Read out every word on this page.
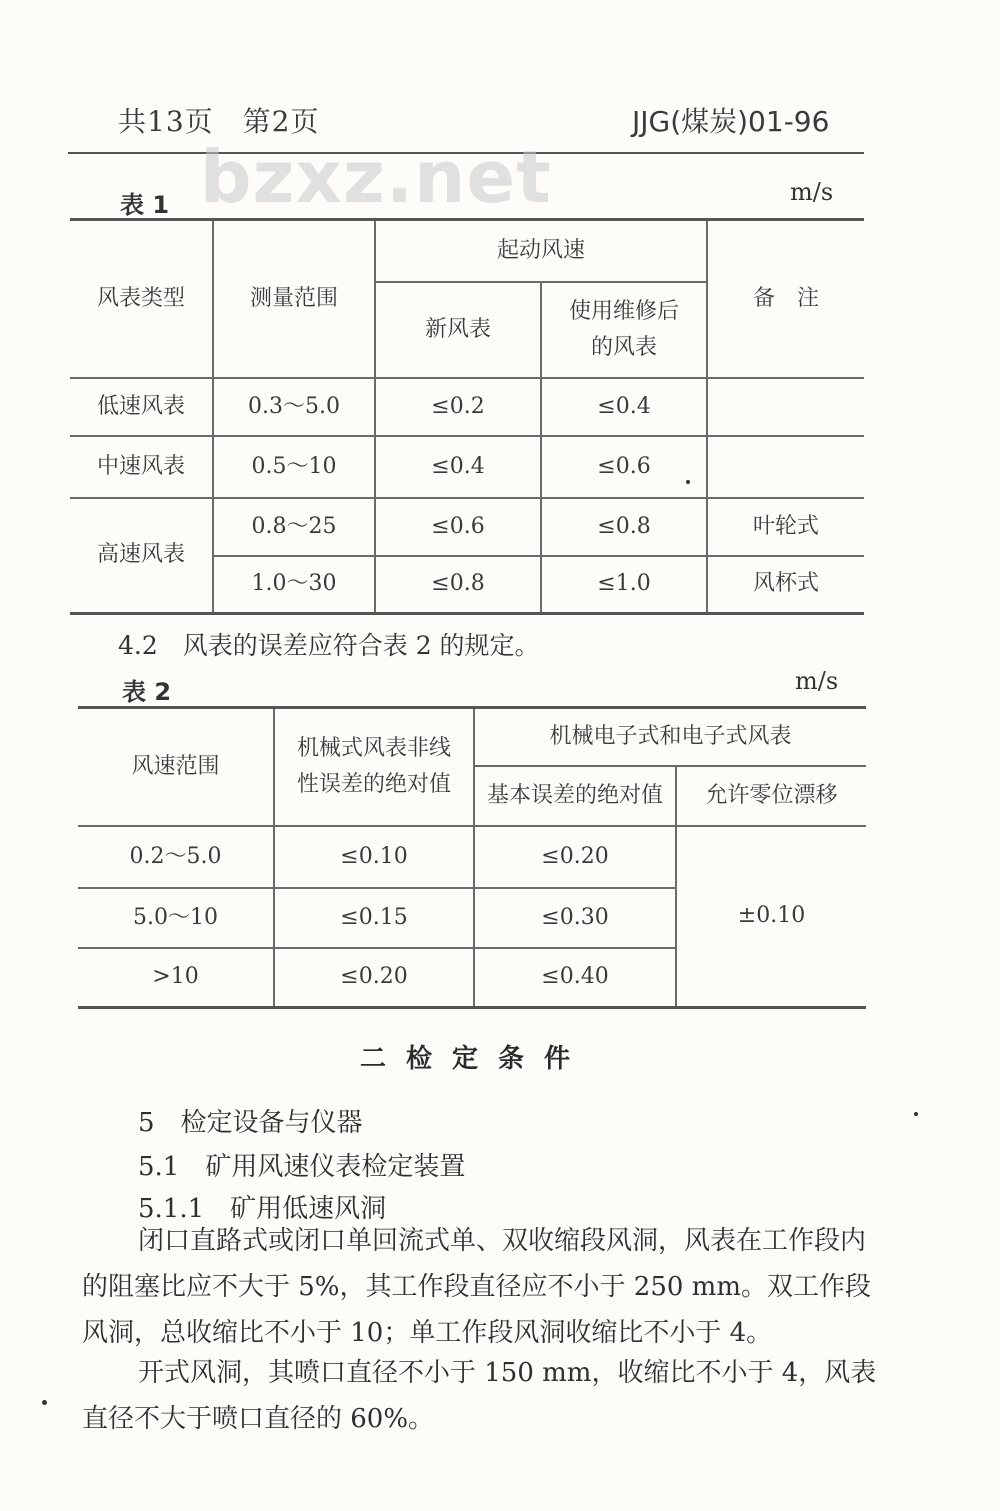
共13页　第2页	JJG(煤炭)01-96
bzxz.net
表 1	m/s
风表类型	测量范围	起动风速		备　注
		新风表	使用维修后的风表	
低速风表	0.3～5.0	≤0.2	≤0.4	
中速风表	0.5～10	≤0.4	≤0.6	
高速风表	0.8～25	≤0.6	≤0.8	叶轮式
	1.0～30	≤0.8	≤1.0	风杯式
4.2　风表的误差应符合表 2 的规定。
表 2	m/s
风速范围	机械式风表非线性误差的绝对值	机械电子式和电子式风表	
		基本误差的绝对值	允许零位漂移
0.2～5.0	≤0.10	≤0.20	±0.10
5.0～10	≤0.15	≤0.30	
>10	≤0.20	≤0.40	
二检定条件
5　检定设备与仪器
5.1　矿用风速仪表检定装置
5.1.1　矿用低速风洞
闭口直路式或闭口单回流式单、双收缩段风洞，风表在工作段内的阻塞比应不大于 5%，其工作段直径应不小于 250 mm。双工作段风洞，总收缩比不小于 10；单工作段风洞收缩比不小于 4。
开式风洞，其喷口直径不小于 150 mm，收缩比不小于 4，风表直径不大于喷口直径的 60%。
